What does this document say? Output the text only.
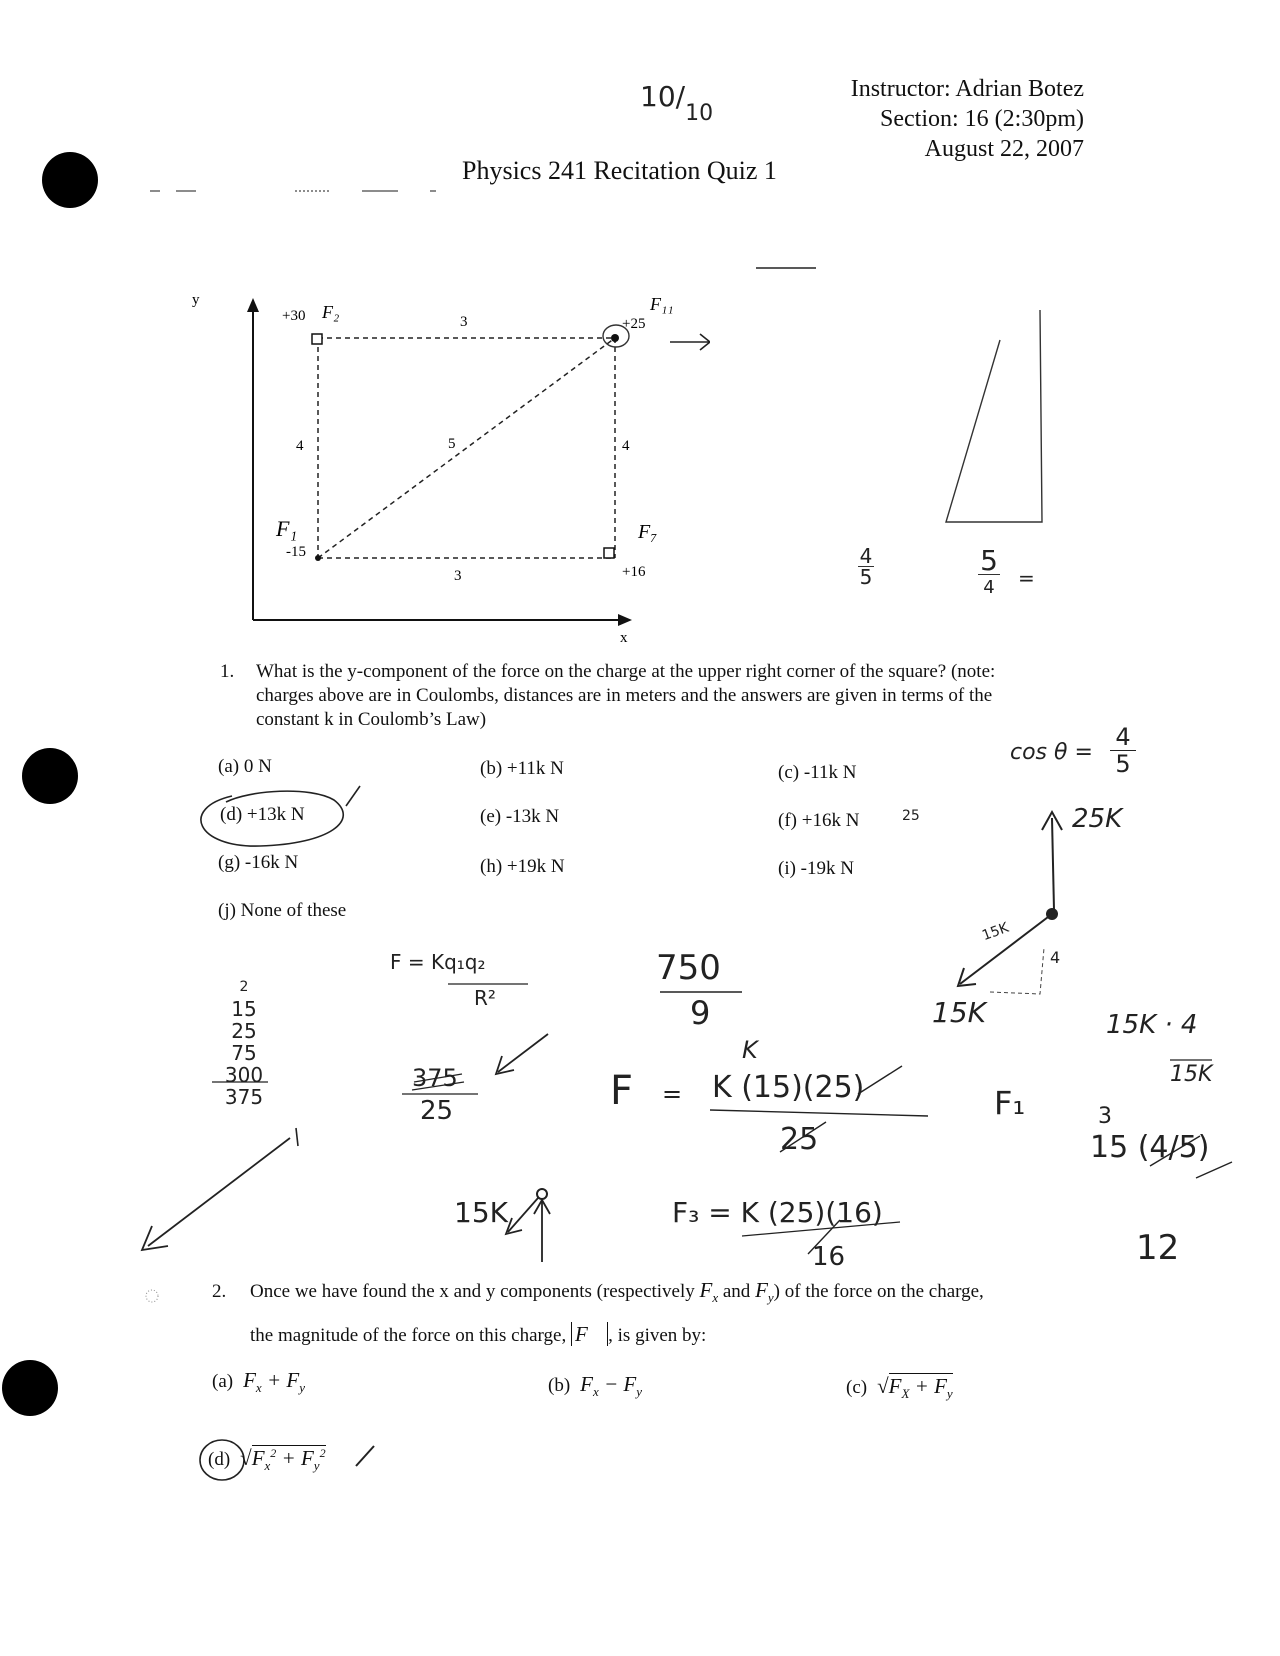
Instructor: Adrian Botez
Section: 16 (2:30pm)
August 22, 2007
$10/_{10}$
Physics 241 Recitation Quiz 1
y
x
+30	+25
-15
+16
3
3
4	4
5
F₂	F₁₁
F₁	F₇
4
5	5
4 =
1. What is the y-component of the force on the charge at the upper right corner of the square? (note:
charges above are in Coulombs, distances are in meters and the answers are given in terms of the
constant k in Coulomb’s Law)
(a) 0 N	(b) +11k N	(c) -11k N
(d) +13k N	(e) -13k N	(f) +16k N
(g) -16k N	(h) +19k N	(i) -19k N
(j) None of these
cos θ =
4
5
25K
25
15K
4
15K
F = Kq₁q₂
R²
750
9
2
15
25
75
300
375
375
25
K
F = K (15)(25)
25
F₁
15K · 4
15K
3
15 (4/5)
12
15K	F₃ = K (25)(16)
16
2. Once we have found the x and y components (respectively $F_x$ and $F_y$) of the force on the charge,
the magnitude of the force on this charge, F⃗ , is given by:
(a)  $F_x + F_y$	(b)  $F_x - F_y$	(c)  $√F_X + F_y$
(d)  $√F_x^2 + F_y^2$
